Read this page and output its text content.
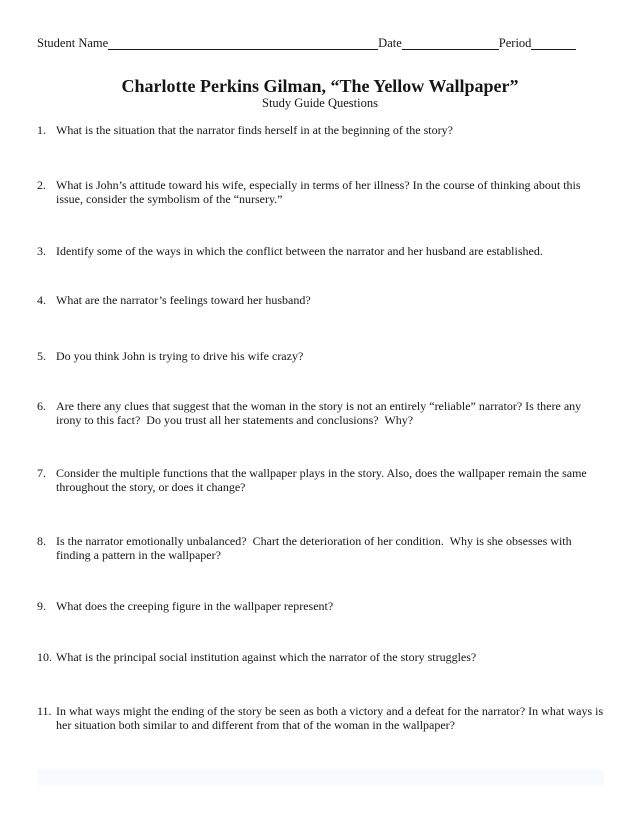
Student Name	Date	Period
Charlotte Perkins Gilman, “The Yellow Wallpaper”
Study Guide Questions
1. What is the situation that the narrator finds herself in at the beginning of the story?
2. What is John’s attitude toward his wife, especially in terms of her illness? In the course of thinking about this issue, consider the symbolism of the “nursery.”
3. Identify some of the ways in which the conflict between the narrator and her husband are established.
4. What are the narrator’s feelings toward her husband?
5. Do you think John is trying to drive his wife crazy?
6. Are there any clues that suggest that the woman in the story is not an entirely “reliable” narrator? Is there any irony to this fact?  Do you trust all her statements and conclusions?  Why?
7. Consider the multiple functions that the wallpaper plays in the story. Also, does the wallpaper remain the same throughout the story, or does it change?
8. Is the narrator emotionally unbalanced?  Chart the deterioration of her condition.  Why is she obsesses with finding a pattern in the wallpaper?
9. What does the creeping figure in the wallpaper represent?
10. What is the principal social institution against which the narrator of the story struggles?
11. In what ways might the ending of the story be seen as both a victory and a defeat for the narrator? In what ways is her situation both similar to and different from that of the woman in the wallpaper?
